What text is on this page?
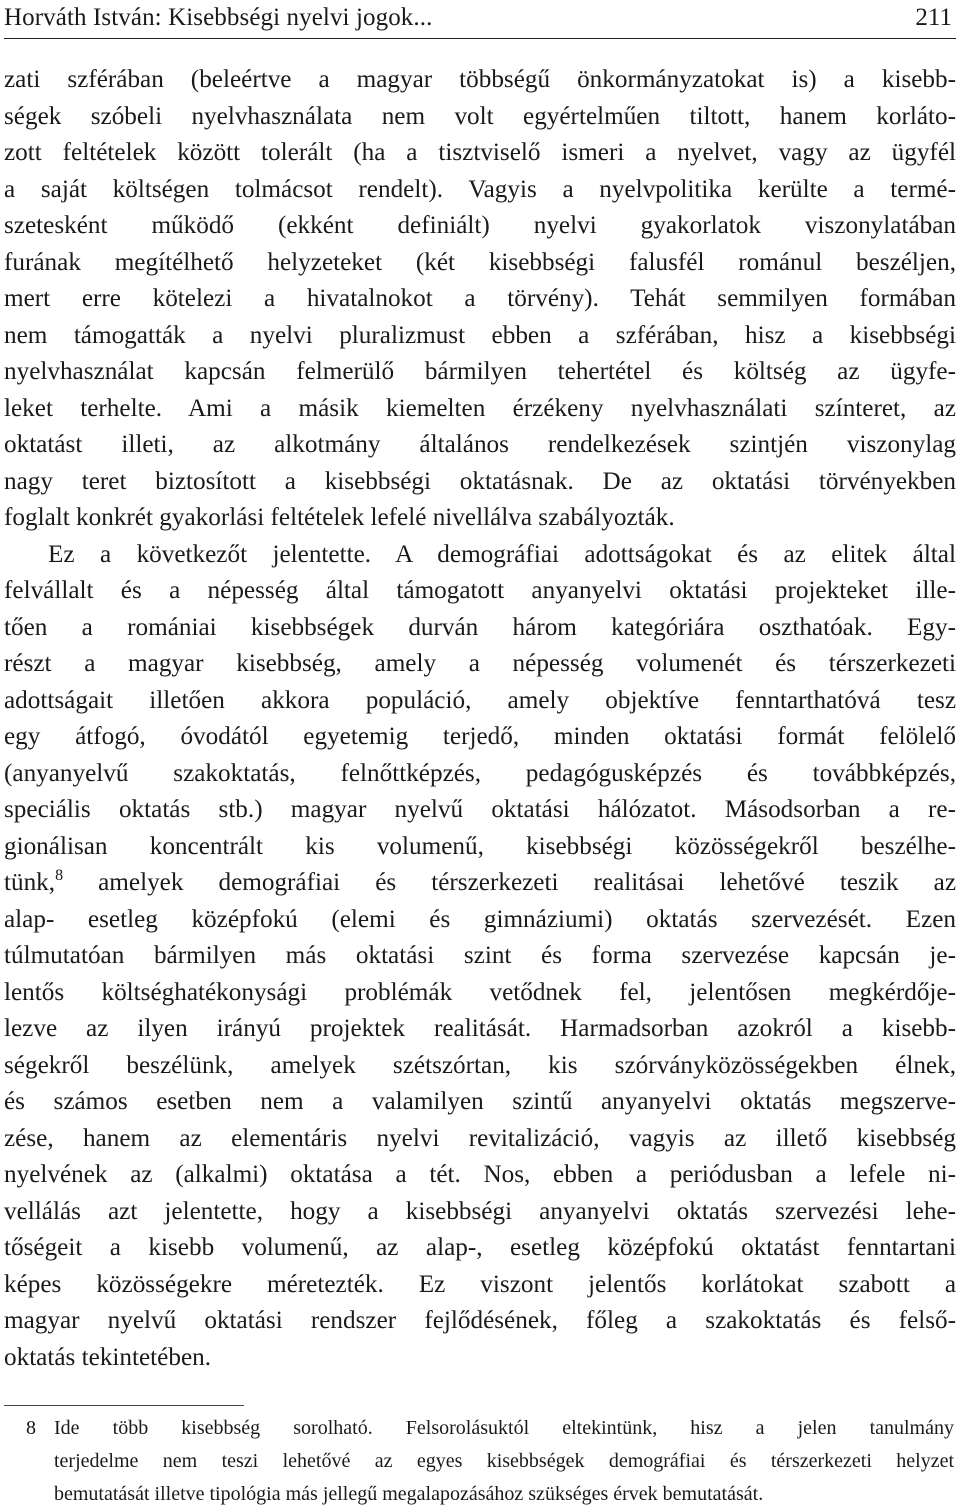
Horváth István: Kisebbségi nyelvi jogok...	211
zati szférában (beleértve a magyar többségű önkormányzatokat is) a kisebb-
ségek szóbeli nyelvhasználata nem volt egyértelműen tiltott, hanem korláto-
zott feltételek között tolerált (ha a tisztviselő ismeri a nyelvet, vagy az ügyfél
a saját költségen tolmácsot rendelt). Vagyis a nyelvpolitika kerülte a termé-
szetesként működő (ekként definiált) nyelvi gyakorlatok viszonylatában
furának megítélhető helyzeteket (két kisebbségi falusfél románul beszéljen,
mert erre kötelezi a hivatalnokot a törvény). Tehát semmilyen formában
nem támogatták a nyelvi pluralizmust ebben a szférában, hisz a kisebbségi
nyelvhasználat kapcsán felmerülő bármilyen tehertétel és költség az ügyfe-
leket terhelte. Ami a másik kiemelten érzékeny nyelvhasználati színteret, az
oktatást illeti, az alkotmány általános rendelkezések szintjén viszonylag
nagy teret biztosított a kisebbségi oktatásnak. De az oktatási törvényekben
foglalt konkrét gyakorlási feltételek lefelé nivellálva szabályozták.
Ez a következőt jelentette. A demográfiai adottságokat és az elitek által
felvállalt és a népesség által támogatott anyanyelvi oktatási projekteket ille-
tően a romániai kisebbségek durván három kategóriára oszthatóak. Egy-
részt a magyar kisebbség, amely a népesség volumenét és térszerkezeti
adottságait illetően akkora populáció, amely objektíve fenntarthatóvá tesz
egy átfogó, óvodától egyetemig terjedő, minden oktatási formát felölelő
(anyanyelvű szakoktatás, felnőttképzés, pedagógusképzés és továbbképzés,
speciális oktatás stb.) magyar nyelvű oktatási hálózatot. Másodsorban a re-
gionálisan koncentrált kis volumenű, kisebbségi közösségekről beszélhe-
tünk,$^8$ amelyek demográfiai és térszerkezeti realitásai lehetővé teszik az
alap- esetleg középfokú (elemi és gimnáziumi) oktatás szervezését. Ezen
túlmutatóan bármilyen más oktatási szint és forma szervezése kapcsán je-
lentős költséghatékonysági problémák vetődnek fel, jelentősen megkérdője-
lezve az ilyen irányú projektek realitását. Harmadsorban azokról a kisebb-
ségekről beszélünk, amelyek szétszórtan, kis szórványközösségekben élnek,
és számos esetben nem a valamilyen szintű anyanyelvi oktatás megszerve-
zése, hanem az elementáris nyelvi revitalizáció, vagyis az illető kisebbség
nyelvének az (alkalmi) oktatása a tét. Nos, ebben a periódusban a lefele ni-
vellálás azt jelentette, hogy a kisebbségi anyanyelvi oktatás szervezési lehe-
tőségeit a kisebb volumenű, az alap-, esetleg középfokú oktatást fenntartani
képes közösségekre méretezték. Ez viszont jelentős korlátokat szabott a
magyar nyelvű oktatási rendszer fejlődésének, főleg a szakoktatás és felső-
oktatás tekintetében.
8 Ide több kisebbség sorolható. Felsorolásuktól eltekintünk, hisz a jelen tanulmány
terjedelme nem teszi lehetővé az egyes kisebbségek demográfiai és térszerkezeti helyzet
bemutatását illetve tipológia más jellegű megalapozásához szükséges érvek bemutatását.
